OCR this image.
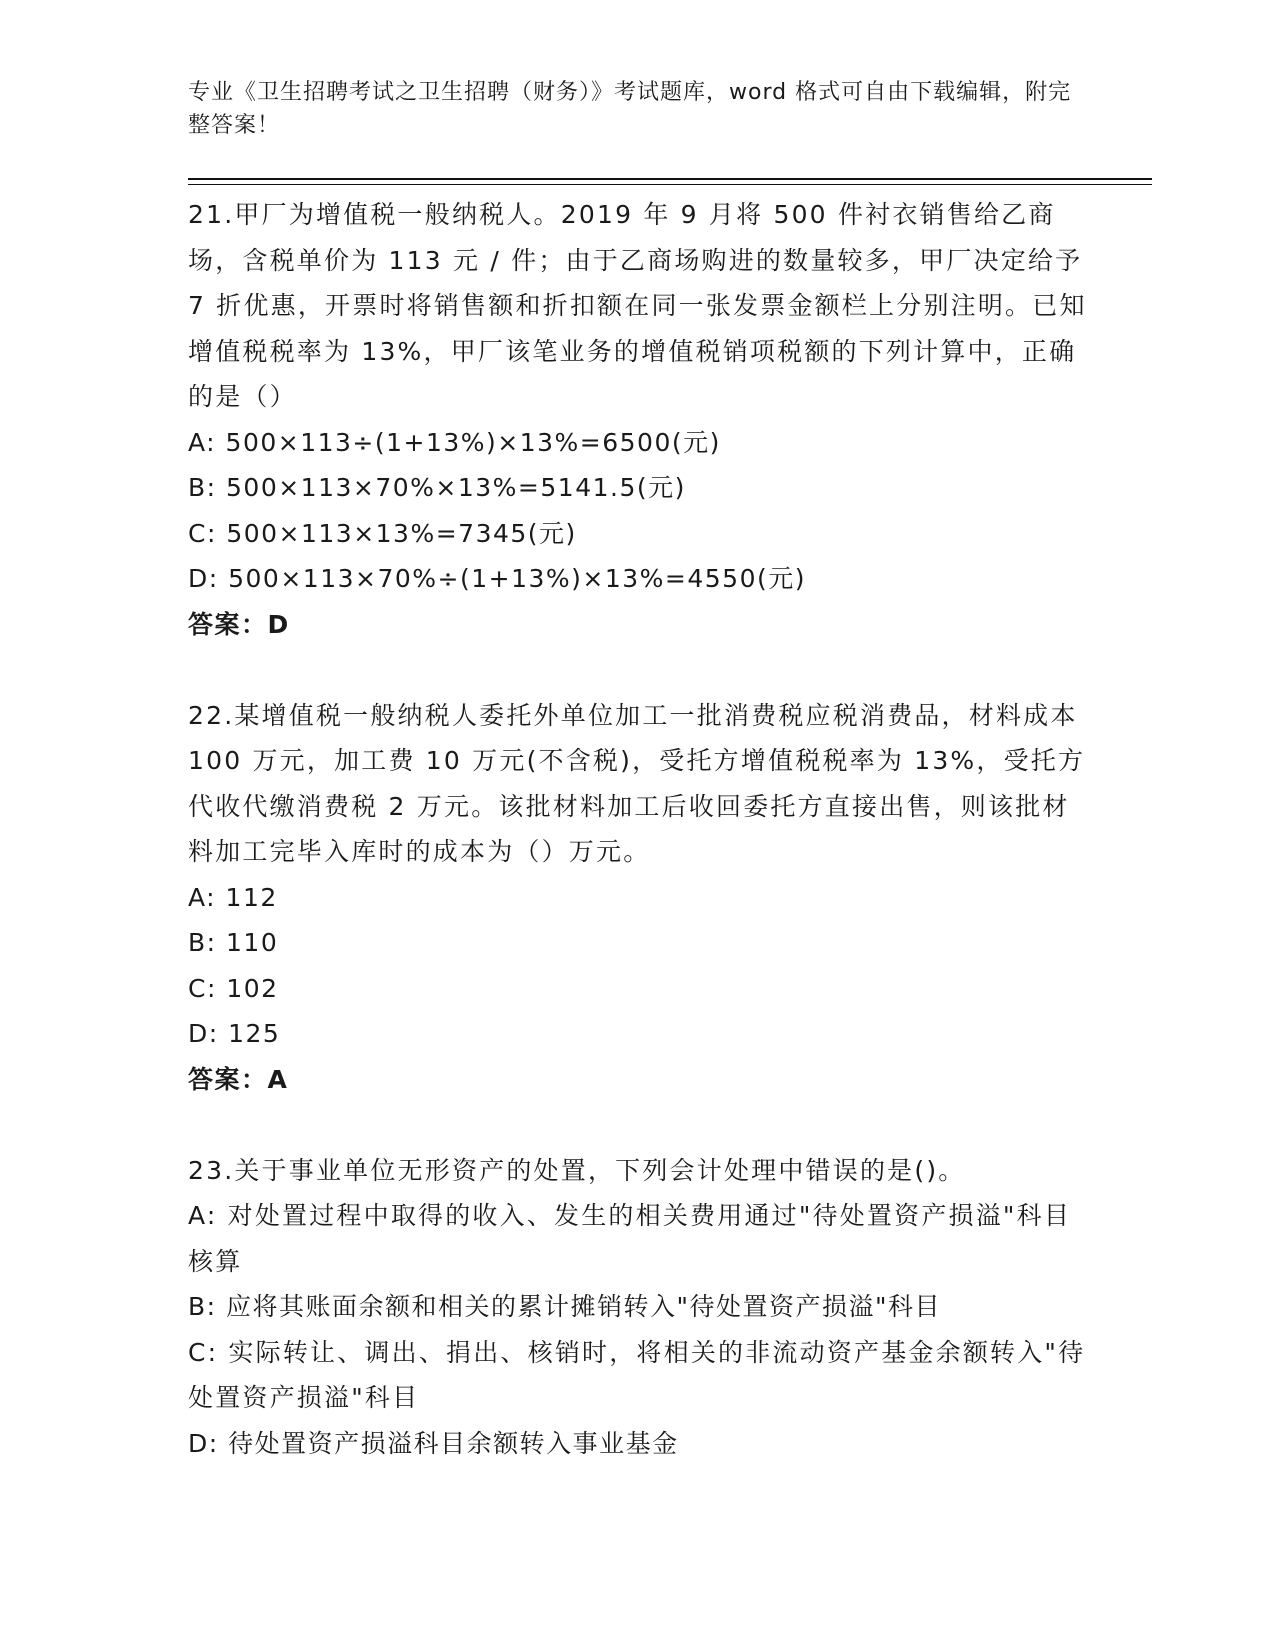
专业《卫生招聘考试之卫生招聘（财务）》考试题库，word 格式可自由下载编辑，附完整答案！

21.甲厂为增值税一般纳税人。2019 年 9 月将 500 件衬衣销售给乙商场，含税单价为 113 元 / 件；由于乙商场购进的数量较多，甲厂决定给予 7 折优惠，开票时将销售额和折扣额在同一张发票金额栏上分别注明。已知增值税税率为 13%，甲厂该笔业务的增值税销项税额的下列计算中，正确的是（）

A: 500×113÷(1+13%)×13%=6500(元)

B: 500×113×70%×13%=5141.5(元)

C: 500×113×13%=7345(元)

D: 500×113×70%÷(1+13%)×13%=4550(元)

答案：D

22.某增值税一般纳税人委托外单位加工一批消费税应税消费品，材料成本 100 万元，加工费 10 万元(不含税)，受托方增值税税率为 13%，受托方代收代缴消费税 2 万元。该批材料加工后收回委托方直接出售，则该批材料加工完毕入库时的成本为（）万元。

A: 112

B: 110

C: 102

D: 125

答案：A

23.关于事业单位无形资产的处置，下列会计处理中错误的是()。

A: 对处置过程中取得的收入、发生的相关费用通过"待处置资产损溢"科目核算

B: 应将其账面余额和相关的累计摊销转入"待处置资产损溢"科目

C: 实际转让、调出、捐出、核销时，将相关的非流动资产基金余额转入"待处置资产损溢"科目

D: 待处置资产损溢科目余额转入事业基金
